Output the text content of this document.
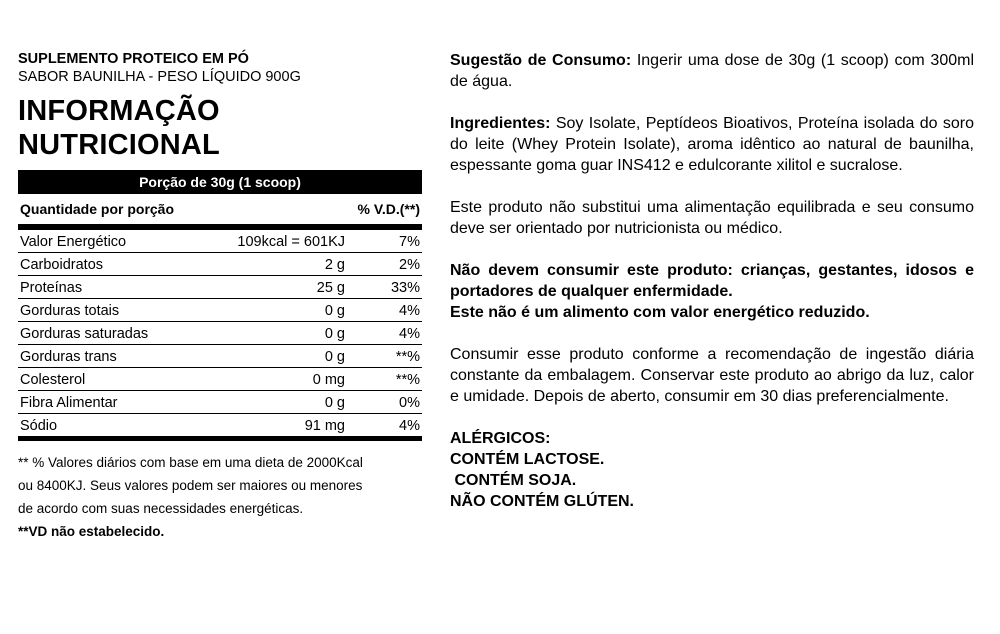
SUPLEMENTO PROTEICO EM PÓ
SABOR BAUNILHA - PESO LÍQUIDO 900G
INFORMAÇÃO NUTRICIONAL
Porção de 30g (1 scoop)
Quantidade por porção	% V.D.(**)
Valor Energético	109kcal = 601KJ	7%
Carboidratos	2 g	2%
Proteínas	25 g	33%
Gorduras totais	0 g	4%
Gorduras saturadas	0 g	4%
Gorduras trans	0 g	**%
Colesterol	0 mg	**%
Fibra Alimentar	0 g	0%
Sódio	91 mg	4%
** % Valores diários com base em uma dieta de 2000Kcal
ou 8400KJ. Seus valores podem ser maiores ou menores
de acordo com suas necessidades energéticas.
**VD não estabelecido.

Sugestão de Consumo: Ingerir uma dose de 30g (1 scoop) com 300ml de água.

Ingredientes: Soy Isolate, Peptídeos Bioativos, Proteína isolada do soro do leite (Whey Protein Isolate), aroma idêntico ao natural de baunilha, espessante goma guar INS412 e edulcorante xilitol e sucralose.

Este produto não substitui uma alimentação equilibrada e seu consumo deve ser orientado por nutricionista ou médico.

Não devem consumir este produto: crianças, gestantes, idosos e portadores de qualquer enfermidade.

Este não é um alimento com valor energético reduzido.

Consumir esse produto conforme a recomendação de ingestão diária constante da embalagem. Conservar este produto ao abrigo da luz, calor e umidade. Depois de aberto, consumir em 30 dias preferencialmente.

ALÉRGICOS:

CONTÉM LACTOSE.

CONTÉM SOJA.

NÃO CONTÉM GLÚTEN.
